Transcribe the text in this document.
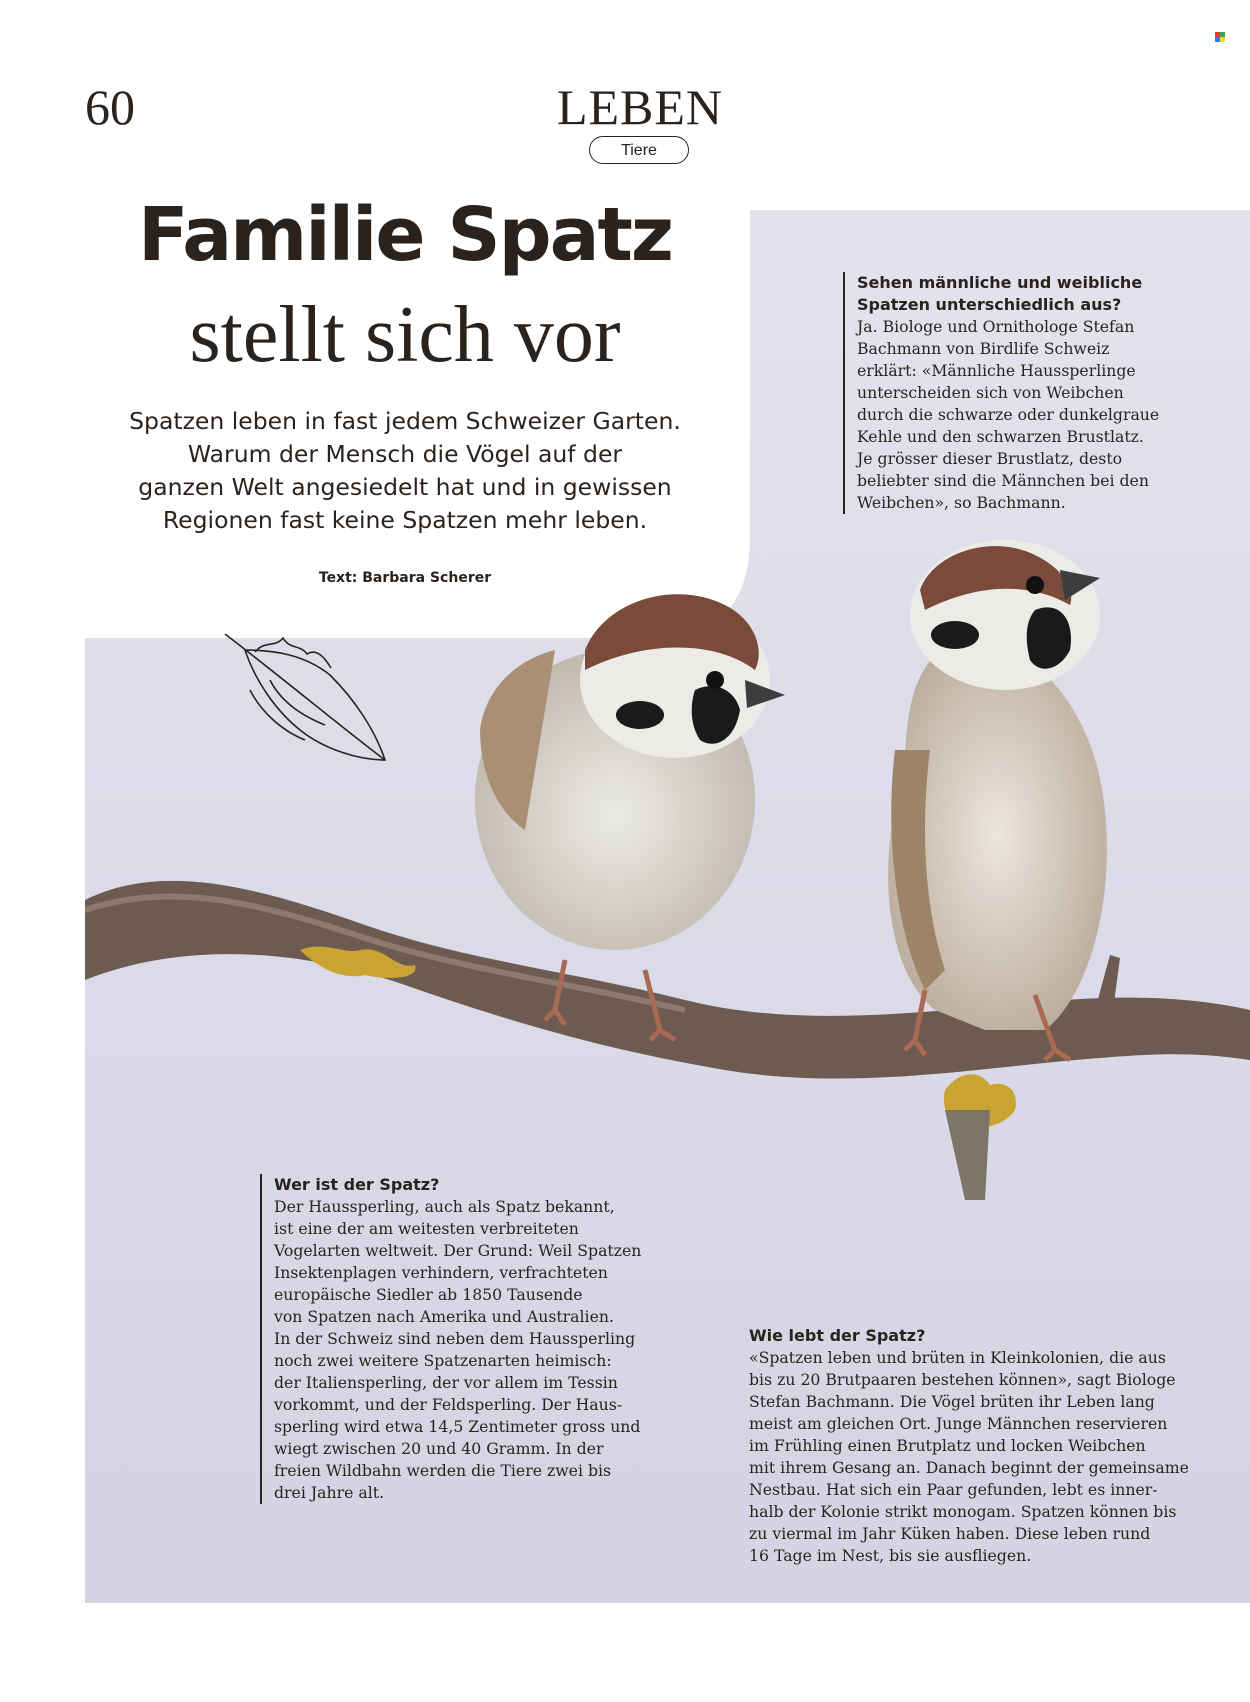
60	LEBEN
Tiere
Familie Spatz
stellt sich vor
Spatzen leben in fast jedem Schweizer Garten.
Warum der Mensch die Vögel auf der
ganzen Welt angesiedelt hat und in gewissen
Regionen fast keine Spatzen mehr leben.
Text: Barbara Scherer
Sehen männliche und weibliche
Spatzen unterschiedlich aus?
Ja. Biologe und Ornithologe Stefan
Bachmann von Birdlife Schweiz
erklärt: «Männliche Haussperlinge
unterscheiden sich von Weibchen
durch die schwarze oder dunkelgraue
Kehle und den schwarzen Brustlatz.
Je grösser dieser Brustlatz, desto
beliebter sind die Männchen bei den
Weibchen», so Bachmann.
Wer ist der Spatz?
Der Haussperling, auch als Spatz bekannt,
ist eine der am weitesten verbreiteten
Vogelarten weltweit. Der Grund: Weil Spatzen
Insektenplagen verhindern, verfrachteten
europäische Siedler ab 1850 Tausende
von Spatzen nach Amerika und Australien.
In der Schweiz sind neben dem Haussperling
noch zwei weitere Spatzenarten heimisch:
der Italiensperling, der vor allem im Tessin
vorkommt, und der Feldsperling. Der Haus-
sperling wird etwa 14,5 Zentimeter gross und
wiegt zwischen 20 und 40 Gramm. In der
freien Wildbahn werden die Tiere zwei bis
drei Jahre alt.
Wie lebt der Spatz?
«Spatzen leben und brüten in Kleinkolonien, die aus
bis zu 20 Brutpaaren bestehen können», sagt Biologe
Stefan Bachmann. Die Vögel brüten ihr Leben lang
meist am gleichen Ort. Junge Männchen reservieren
im Frühling einen Brutplatz und locken Weibchen
mit ihrem Gesang an. Danach beginnt der gemeinsame
Nestbau. Hat sich ein Paar gefunden, lebt es inner-
halb der Kolonie strikt monogam. Spatzen können bis
zu viermal im Jahr Küken haben. Diese leben rund
16 Tage im Nest, bis sie ausfliegen.
